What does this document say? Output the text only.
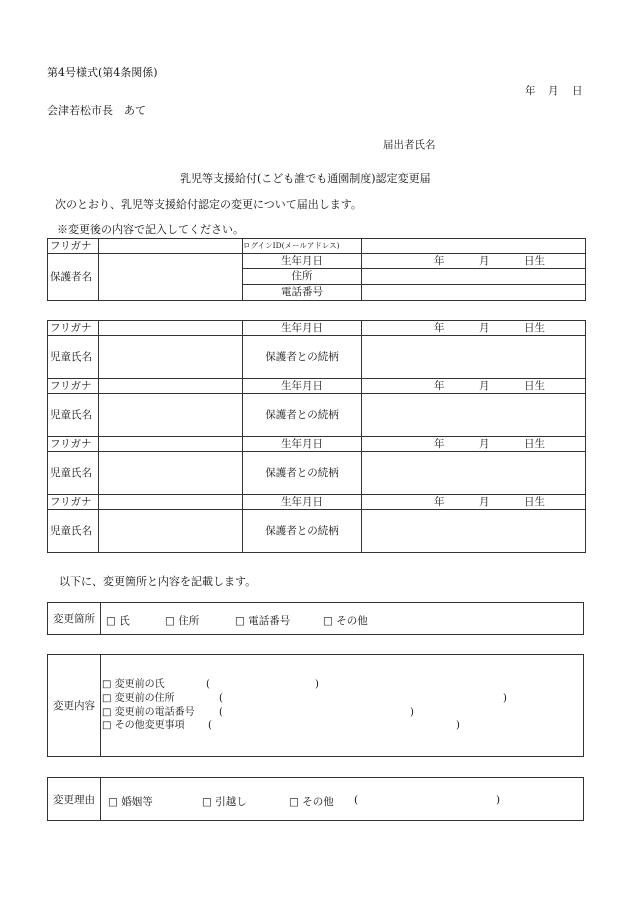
第4号様式(第4条関係)
年 月 日
会津若松市長　あて
届出者氏名
乳児等支援給付(こども誰でも通園制度)認定変更届
次のとおり、乳児等支援給付認定の変更について届出します。
※変更後の内容で記入してください。
フリガナ		ログインID(メールアドレス)	
保護者名		生年月日	年 月 日生

		住所	
		電話番号	
フリガナ		生年月日	年 月 日生

児童氏名		保護者との続柄	
フリガナ		生年月日	年 月 日生

児童氏名		保護者との続柄	
フリガナ		生年月日	年 月 日生

児童氏名		保護者との続柄	
フリガナ		生年月日	年 月 日生

児童氏名		保護者との続柄	
以下に、変更箇所と内容を記載します。
変更箇所	□ 氏	□ 住所	□ 電話番号	□ その他
変更内容
□ 変更前の氏	(	)
□ 変更前の住所	(	)
□ 変更前の電話番号 (	)
□ その他変更事項 (	)
変更理由	□ 婚姻等	□ 引越し	□ その他 (	)
